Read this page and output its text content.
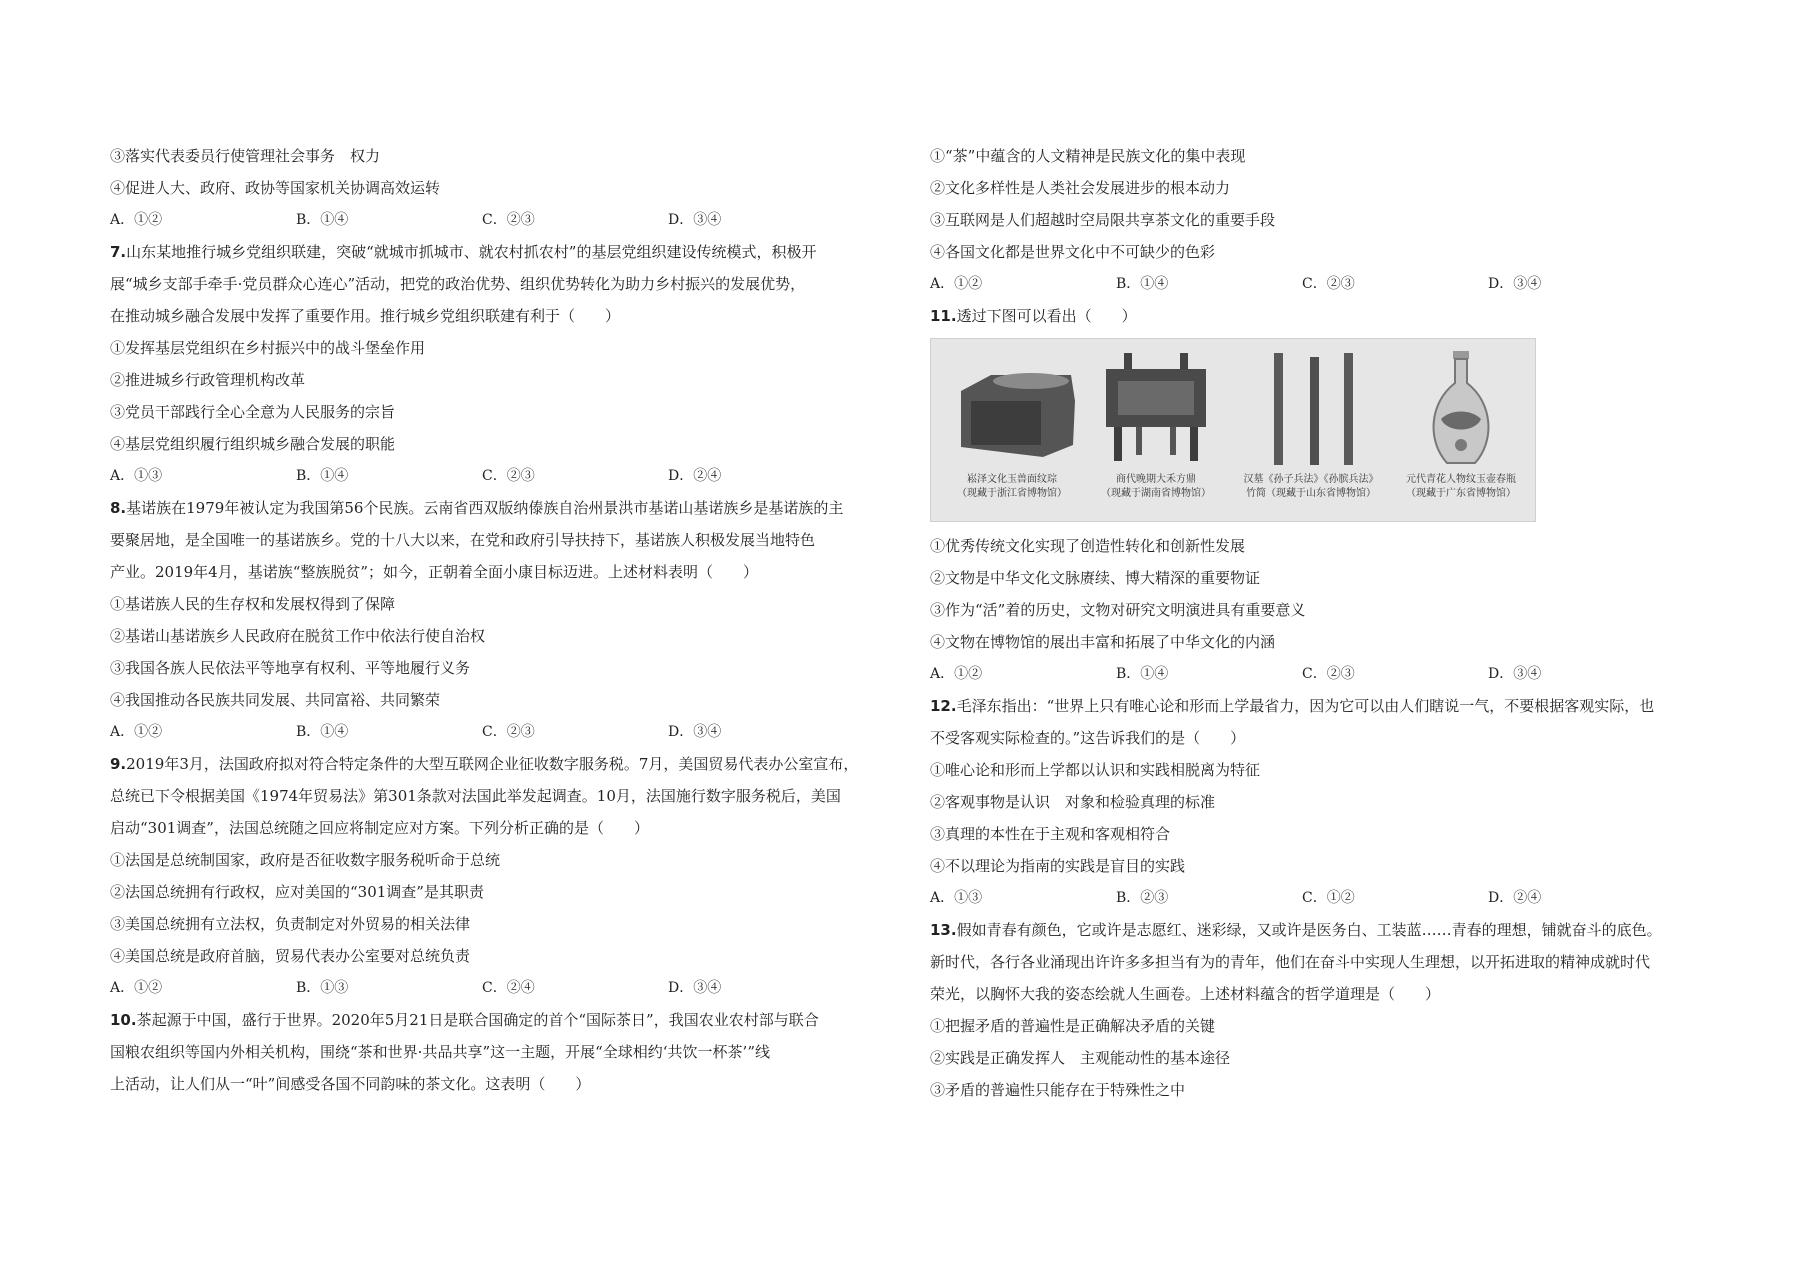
③落实代表委员行使管理社会事务　权力
④促进人大、政府、政协等国家机关协调高效运转
A．①②	B．①④	C．②③	D．③④
7.山东某地推行城乡党组织联建，突破“就城市抓城市、就农村抓农村”的基层党组织建设传统模式，积极开
展“城乡支部手牵手·党员群众心连心”活动，把党的政治优势、组织优势转化为助力乡村振兴的发展优势，
在推动城乡融合发展中发挥了重要作用。推行城乡党组织联建有利于（　　）
①发挥基层党组织在乡村振兴中的战斗堡垒作用
②推进城乡行政管理机构改革
③党员干部践行全心全意为人民服务的宗旨
④基层党组织履行组织城乡融合发展的职能
A．①③	B．①④	C．②③	D．②④
8.基诺族在1979年被认定为我国第56个民族。云南省西双版纳傣族自治州景洪市基诺山基诺族乡是基诺族的主
要聚居地，是全国唯一的基诺族乡。党的十八大以来，在党和政府引导扶持下，基诺族人积极发展当地特色
产业。2019年4月，基诺族“整族脱贫”；如今，正朝着全面小康目标迈进。上述材料表明（　　）
①基诺族人民的生存权和发展权得到了保障
②基诺山基诺族乡人民政府在脱贫工作中依法行使自治权
③我国各族人民依法平等地享有权利、平等地履行义务
④我国推动各民族共同发展、共同富裕、共同繁荣
A．①②	B．①④	C．②③	D．③④
9.2019年3月，法国政府拟对符合特定条件的大型互联网企业征收数字服务税。7月，美国贸易代表办公室宣布，
总统已下令根据美国《1974年贸易法》第301条款对法国此举发起调查。10月，法国施行数字服务税后，美国
启动“301调查”，法国总统随之回应将制定应对方案。下列分析正确的是（　　）
①法国是总统制国家，政府是否征收数字服务税听命于总统
②法国总统拥有行政权，应对美国的“301调查”是其职责
③美国总统拥有立法权，负责制定对外贸易的相关法律
④美国总统是政府首脑，贸易代表办公室要对总统负责
A．①②	B．①③	C．②④	D．③④
10.茶起源于中国，盛行于世界。2020年5月21日是联合国确定的首个“国际茶日”，我国农业农村部与联合
国粮农组织等国内外相关机构，围绕“茶和世界·共品共享”这一主题，开展“全球相约‘共饮一杯茶’”线
上活动，让人们从一“叶”间感受各国不同韵味的茶文化。这表明（　　）
①“茶”中蕴含的人文精神是民族文化的集中表现
②文化多样性是人类社会发展进步的根本动力
③互联网是人们超越时空局限共享茶文化的重要手段
④各国文化都是世界文化中不可缺少的色彩
A．①②	B．①④	C．②③	D．③④
11.透过下图可以看出（　　）
崧泽文化玉兽面纹琮
（现藏于浙江省博物馆）
商代晚期大禾方鼎
（现藏于湖南省博物馆）
汉墓《孙子兵法》《孙膑兵法》
竹简（现藏于山东省博物馆）
元代青花人物纹玉壶春瓶
（现藏于广东省博物馆）
①优秀传统文化实现了创造性转化和创新性发展
②文物是中华文化文脉赓续、博大精深的重要物证
③作为“活”着的历史，文物对研究文明演进具有重要意义
④文物在博物馆的展出丰富和拓展了中华文化的内涵
A．①②	B．①④	C．②③	D．③④
12.毛泽东指出：“世界上只有唯心论和形而上学最省力，因为它可以由人们瞎说一气，不要根据客观实际，也
不受客观实际检查的。”这告诉我们的是（　　）
①唯心论和形而上学都以认识和实践相脱离为特征
②客观事物是认识　对象和检验真理的标准
③真理的本性在于主观和客观相符合
④不以理论为指南的实践是盲目的实践
A．①③	B．②③	C．①②	D．②④
13.假如青春有颜色，它或许是志愿红、迷彩绿，又或许是医务白、工装蓝……青春的理想，铺就奋斗的底色。
新时代，各行各业涌现出许许多多担当有为的青年，他们在奋斗中实现人生理想，以开拓进取的精神成就时代
荣光，以胸怀大我的姿态绘就人生画卷。上述材料蕴含的哲学道理是（　　）
①把握矛盾的普遍性是正确解决矛盾的关键
②实践是正确发挥人　主观能动性的基本途径
③矛盾的普遍性只能存在于特殊性之中
